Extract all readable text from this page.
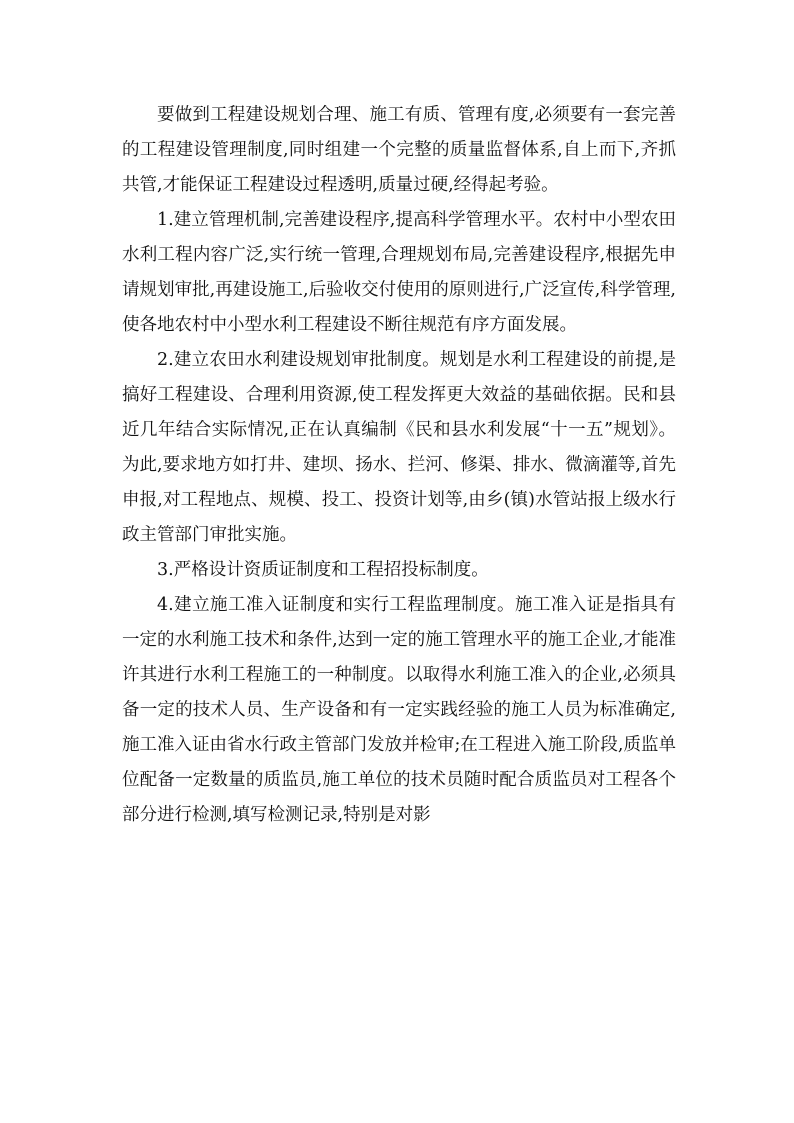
要做到工程建设规划合理、施工有质、管理有度,必须要有一套完善的工程建设管理制度,同时组建一个完整的质量监督体系,自上而下,齐抓共管,才能保证工程建设过程透明,质量过硬,经得起考验。

1.建立管理机制,完善建设程序,提高科学管理水平。农村中小型农田水利工程内容广泛,实行统一管理,合理规划布局,完善建设程序,根据先申请规划审批,再建设施工,后验收交付使用的原则进行,广泛宣传,科学管理,使各地农村中小型水利工程建设不断往规范有序方面发展。

2.建立农田水利建设规划审批制度。规划是水利工程建设的前提,是搞好工程建设、合理利用资源,使工程发挥更大效益的基础依据。民和县近几年结合实际情况,正在认真编制《民和县水利发展“十一五”规划》。为此,要求地方如打井、建坝、扬水、拦河、修渠、排水、微滴灌等,首先申报,对工程地点、规模、投工、投资计划等,由乡(镇)水管站报上级水行政主管部门审批实施。

3.严格设计资质证制度和工程招投标制度。

4.建立施工准入证制度和实行工程监理制度。施工准入证是指具有一定的水利施工技术和条件,达到一定的施工管理水平的施工企业,才能准许其进行水利工程施工的一种制度。以取得水利施工准入的企业,必须具备一定的技术人员、生产设备和有一定实践经验的施工人员为标准确定,施工准入证由省水行政主管部门发放并检审;在工程进入施工阶段,质监单位配备一定数量的质监员,施工单位的技术员随时配合质监员对工程各个部分进行检测,填写检测记录,特别是对影
